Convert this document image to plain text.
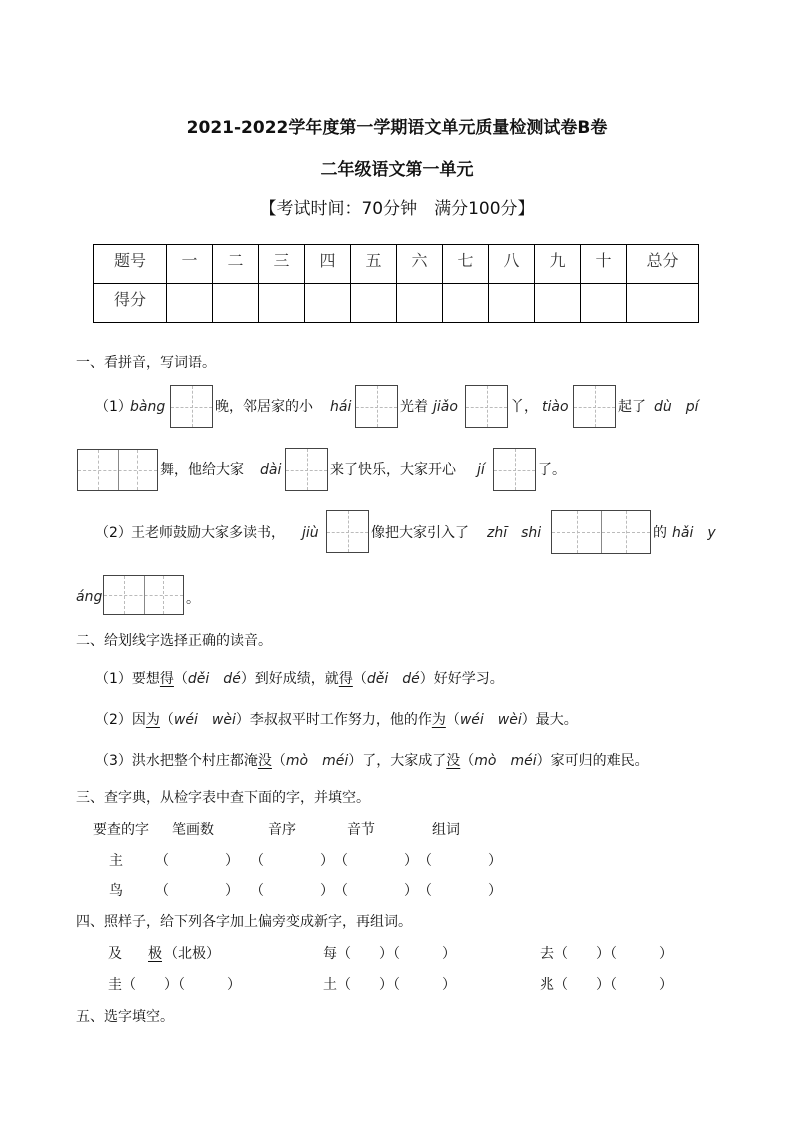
2021-2022学年度第一学期语文单元质量检测试卷B卷
二年级语文第一单元
【考试时间：70分钟　满分100分】
题号	一	二	三	四	五	六	七	八	九	十	总分
得分											
一、看拼音，写词语。
（1）
bàng	晚，邻居家的小 hái	光着 jiǎo	丫， tiào	起了 dù　pí
舞，他给大家 dài	来了快乐，大家开心 jí	了。
（2） 王老师鼓励大家多读书， jiù	像把大家引入了 zhī　shi	的 hǎi　y
áng	。
二、给划线字选择正确的读音。
（1）要想得（děi　dé）到好成绩，就得（děi　dé）好好学习。
（2）因为（wéi　wèi）李叔叔平时工作努力，他的作为（wéi　wèi）最大。
（3）洪水把整个村庄都淹没（mò　méi）了，大家成了没（mò　méi）家可归的难民。
三、查字典，从检字表中查下面的字，并填空。
要查的字 笔画数	音序	音节	组词
主 （　　　　） （　　　　） （　　　　） （　　　　）
鸟 （　　　　） （　　　　） （　　　　） （　　　　）
四、照样子，给下列各字加上偏旁变成新字，再组词。
及 极 （北极）	每（　　）（　　　）	去（　　）（　　　）
圭（　　）（　　　）	土（　　）（　　　）	兆（　　）（　　　）
五、选字填空。
